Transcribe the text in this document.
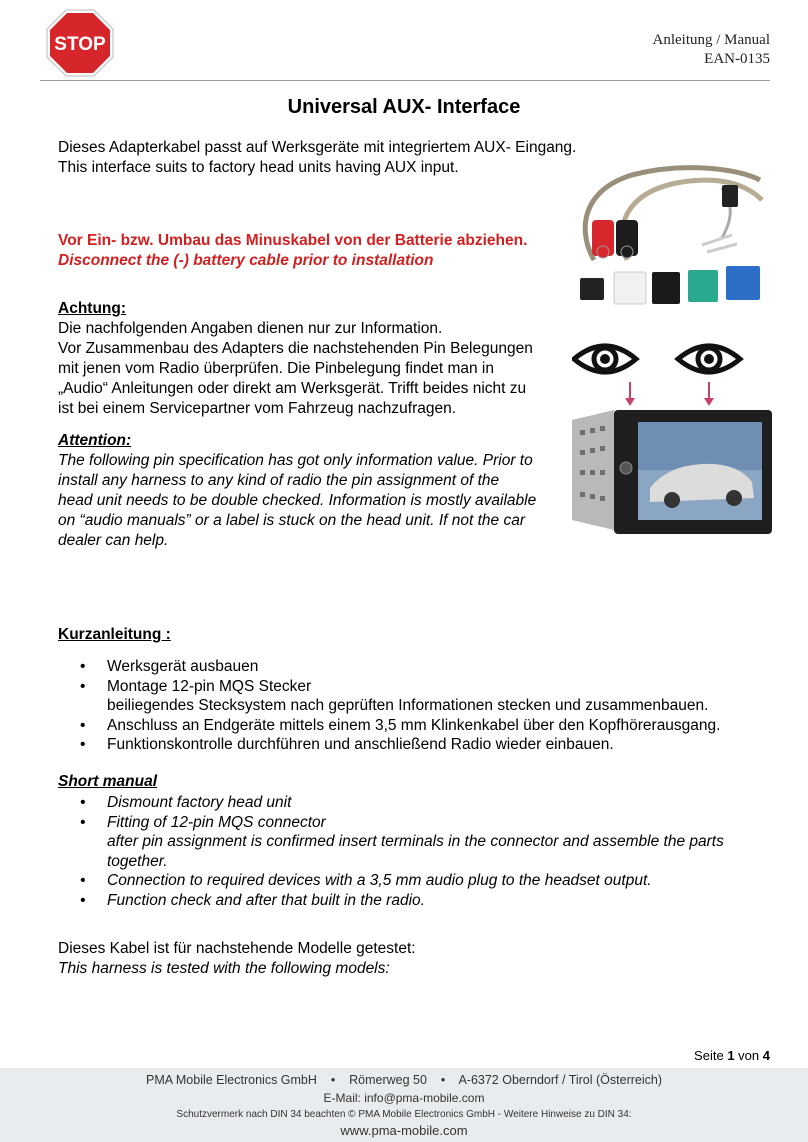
STOP	Anleitung / Manual
EAN-0135
Universal AUX- Interface
Dieses Adapterkabel passt auf Werksgeräte mit integriertem AUX- Eingang.
This interface suits to factory head units having AUX input.
Vor Ein- bzw. Umbau das Minuskabel von der Batterie abziehen.
Disconnect the (-) battery cable prior to installation
Achtung:
Die nachfolgenden Angaben dienen nur zur Information.
Vor Zusammenbau des Adapters die nachstehenden Pin Belegungen
mit jenen vom Radio überprüfen. Die Pinbelegung findet man in
„Audio“ Anleitungen oder direkt am Werksgerät. Trifft beides nicht zu
ist bei einem Servicepartner vom Fahrzeug nachzufragen.
Attention:
The following pin specification has got only information value. Prior to
install any harness to any kind of radio the pin assignment of the
head unit needs to be double checked. Information is mostly available
on “audio manuals” or a label is stuck on the head unit. If not the car
dealer can help.
Kurzanleitung :
• Werksgerät ausbauen
• Montage 12-pin MQS Stecker
beiliegendes Stecksystem nach geprüften Informationen stecken und zusammenbauen.
• Anschluss an Endgeräte mittels einem 3,5 mm Klinkenkabel über den Kopfhörerausgang.
• Funktionskontrolle durchführen und anschließend Radio wieder einbauen.
Short manual
• Dismount factory head unit
• Fitting of 12-pin MQS connector
after pin assignment is confirmed insert terminals in the connector and assemble the parts together.
• Connection to required devices with a 3,5 mm audio plug to the headset output.
• Function check and after that built in the radio.
Dieses Kabel ist für nachstehende Modelle getestet:
This harness is tested with the following models:
Seite 1 von 4
PMA Mobile Electronics GmbH • Römerweg 50 • A-6372 Oberndorf / Tirol (Österreich)
E-Mail: info@pma-mobile.com
Schutzvermerk nach DIN 34 beachten © PMA Mobile Electronics GmbH - Weitere Hinweise zu DIN 34:
www.pma-mobile.com
